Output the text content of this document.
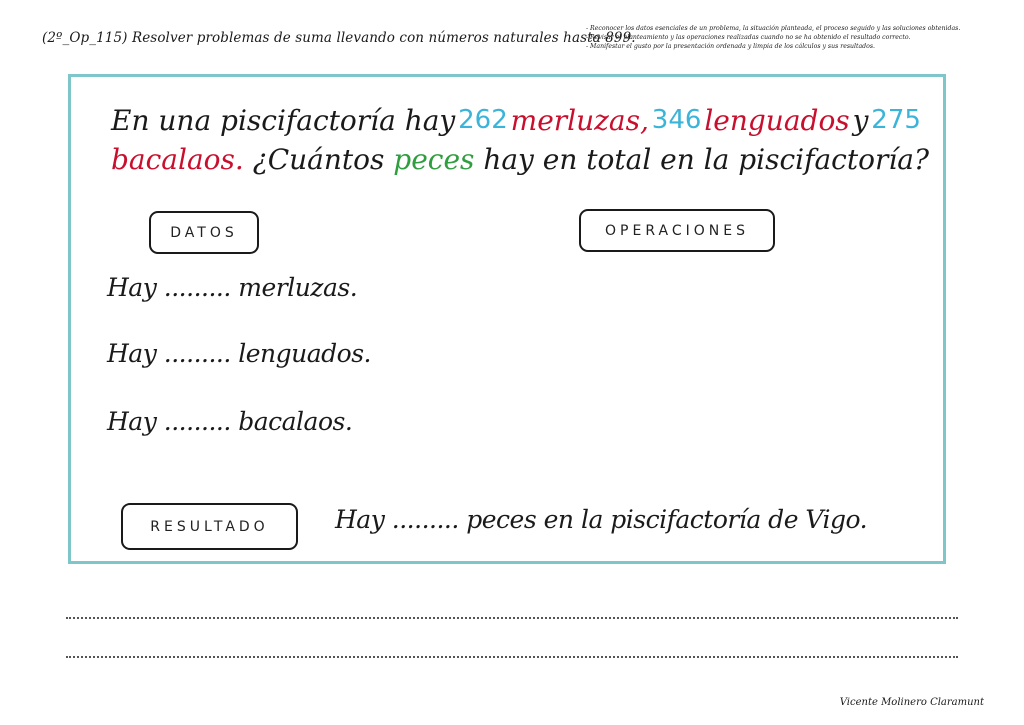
(2º_Op_115) Resolver problemas de suma llevando con números naturales hasta 899.
- Reconocer los datos esenciales de un problema, la situación planteada, el proceso seguido y las soluciones obtenidas.
- Revisar el planteamiento y las operaciones realizadas cuando no se ha obtenido el resultado correcto.
- Manifestar el gusto por la presentación ordenada y limpia de los cálculos y sus resultados.
En una piscifactoría hay 262 merluzas, 346 lenguados y 275
bacalaos. ¿Cuántos peces hay en total en la piscifactoría?
DATOS	OPERACIONES
Hay ......... merluzas.
Hay ......... lenguados.
Hay ......... bacalaos.
RESULTADO	Hay ......... peces en la piscifactoría de Vigo.
Vicente Molinero Claramunt
